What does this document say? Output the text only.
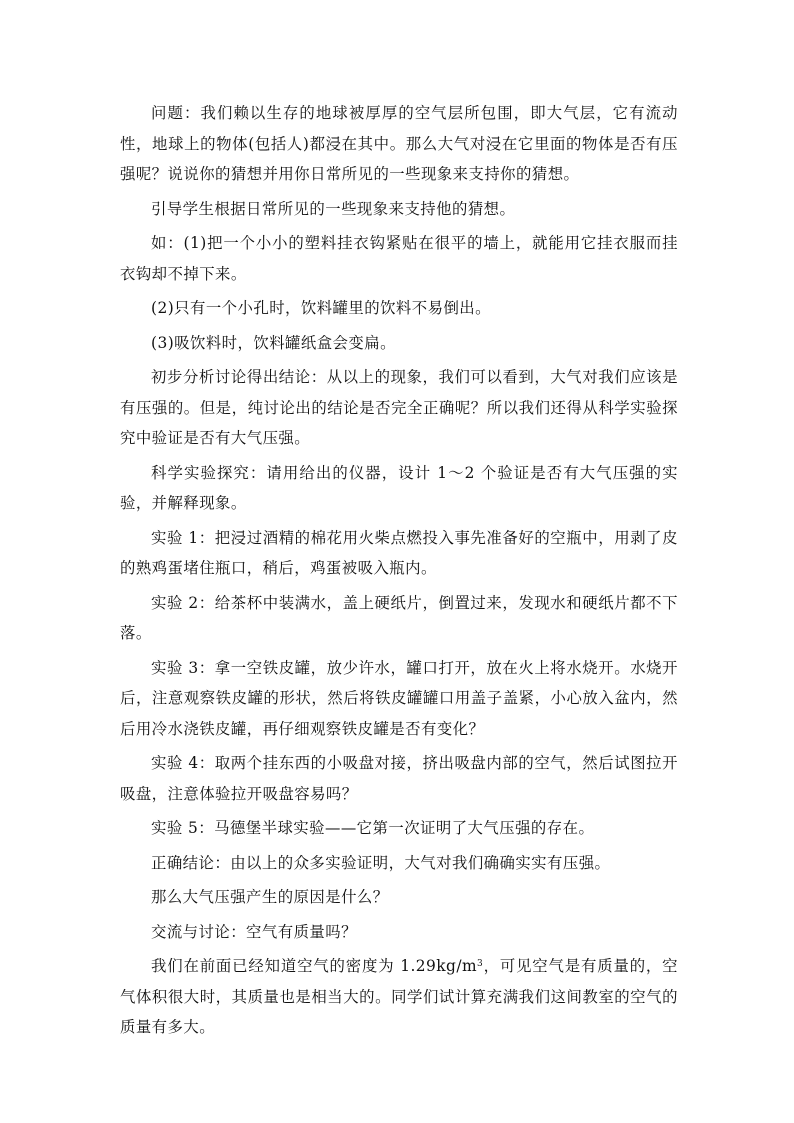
问题：我们赖以生存的地球被厚厚的空气层所包围，即大气层，它有流动性，地球上的物体(包括人)都浸在其中。那么大气对浸在它里面的物体是否有压强呢？说说你的猜想并用你日常所见的一些现象来支持你的猜想。

引导学生根据日常所见的一些现象来支持他的猜想。

如：(1)把一个小小的塑料挂衣钩紧贴在很平的墙上，就能用它挂衣服而挂衣钩却不掉下来。

(2)只有一个小孔时，饮料罐里的饮料不易倒出。

(3)吸饮料时，饮料罐纸盒会变扁。

初步分析讨论得出结论：从以上的现象，我们可以看到，大气对我们应该是有压强的。但是，纯讨论出的结论是否完全正确呢？所以我们还得从科学实验探究中验证是否有大气压强。

科学实验探究：请用给出的仪器，设计 1～2 个验证是否有大气压强的实验，并解释现象。

实验 1：把浸过酒精的棉花用火柴点燃投入事先准备好的空瓶中，用剥了皮的熟鸡蛋堵住瓶口，稍后，鸡蛋被吸入瓶内。

实验 2：给茶杯中装满水，盖上硬纸片，倒置过来，发现水和硬纸片都不下落。

实验 3：拿一空铁皮罐，放少许水，罐口打开，放在火上将水烧开。水烧开后，注意观察铁皮罐的形状，然后将铁皮罐罐口用盖子盖紧，小心放入盆内，然后用冷水浇铁皮罐，再仔细观察铁皮罐是否有变化？

实验 4：取两个挂东西的小吸盘对接，挤出吸盘内部的空气，然后试图拉开吸盘，注意体验拉开吸盘容易吗？

实验 5：马德堡半球实验——它第一次证明了大气压强的存在。

正确结论：由以上的众多实验证明，大气对我们确确实实有压强。

那么大气压强产生的原因是什么？

交流与讨论：空气有质量吗？

我们在前面已经知道空气的密度为 $1.29kg/m^3$，可见空气是有质量的，空气体积很大时，其质量也是相当大的。同学们试计算充满我们这间教室的空气的质量有多大。
